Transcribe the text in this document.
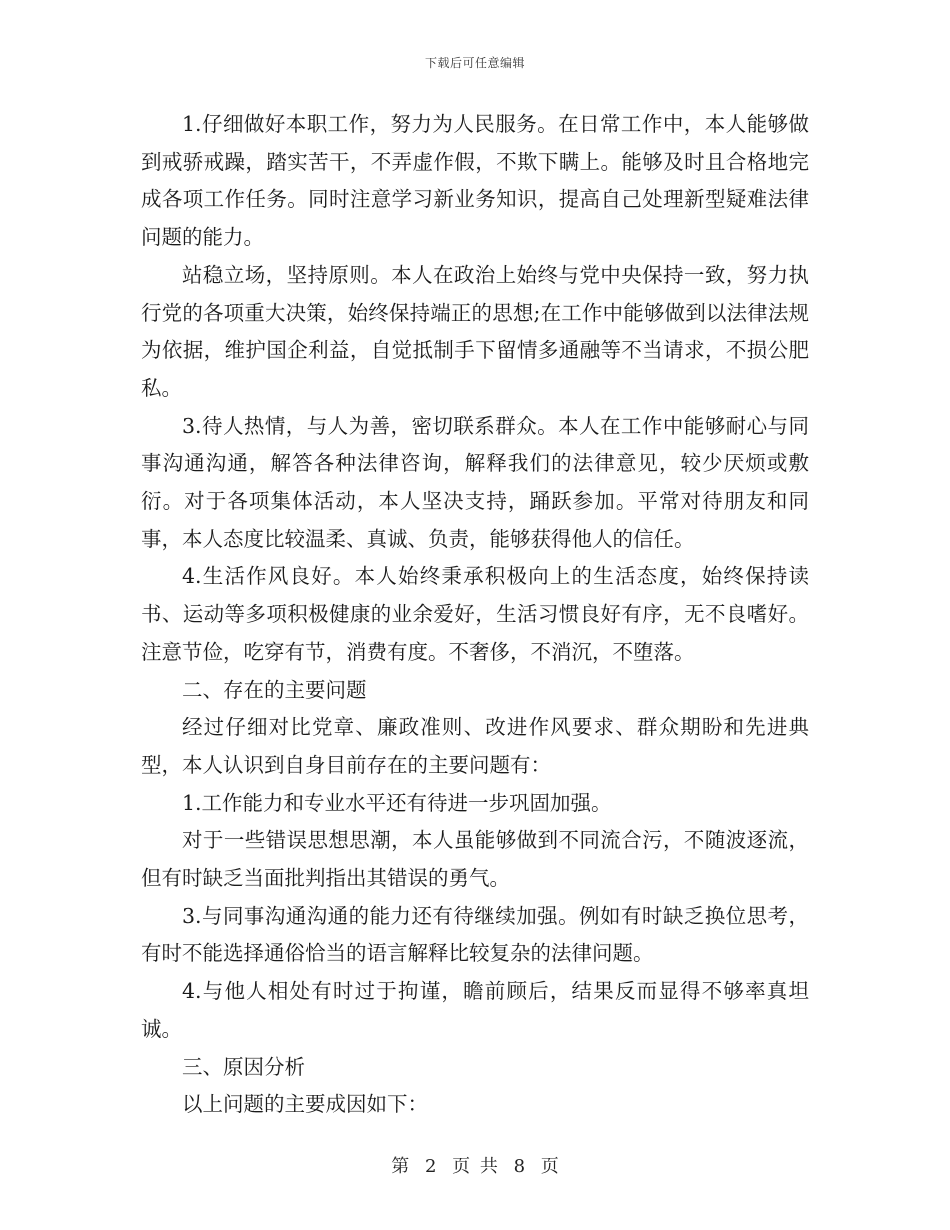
下载后可任意编辑

1.仔细做好本职工作，努力为人民服务。在日常工作中，本人能够做到戒骄戒躁，踏实苦干，不弄虚作假，不欺下瞒上。能够及时且合格地完成各项工作任务。同时注意学习新业务知识，提高自己处理新型疑难法律问题的能力。

站稳立场，坚持原则。本人在政治上始终与党中央保持一致，努力执行党的各项重大决策，始终保持端正的思想;在工作中能够做到以法律法规为依据，维护国企利益，自觉抵制手下留情多通融等不当请求，不损公肥私。

3.待人热情，与人为善，密切联系群众。本人在工作中能够耐心与同事沟通沟通，解答各种法律咨询，解释我们的法律意见，较少厌烦或敷衍。对于各项集体活动，本人坚决支持，踊跃参加。平常对待朋友和同事，本人态度比较温柔、真诚、负责，能够获得他人的信任。

4.生活作风良好。本人始终秉承积极向上的生活态度，始终保持读书、运动等多项积极健康的业余爱好，生活习惯良好有序，无不良嗜好。注意节俭，吃穿有节，消费有度。不奢侈，不消沉，不堕落。

二、存在的主要问题

经过仔细对比党章、廉政准则、改进作风要求、群众期盼和先进典型，本人认识到自身目前存在的主要问题有：

1.工作能力和专业水平还有待进一步巩固加强。

对于一些错误思想思潮，本人虽能够做到不同流合污，不随波逐流，但有时缺乏当面批判指出其错误的勇气。

3.与同事沟通沟通的能力还有待继续加强。例如有时缺乏换位思考，有时不能选择通俗恰当的语言解释比较复杂的法律问题。

4.与他人相处有时过于拘谨，瞻前顾后，结果反而显得不够率真坦诚。

三、原因分析

以上问题的主要成因如下：

第 2 页 共 8 页
